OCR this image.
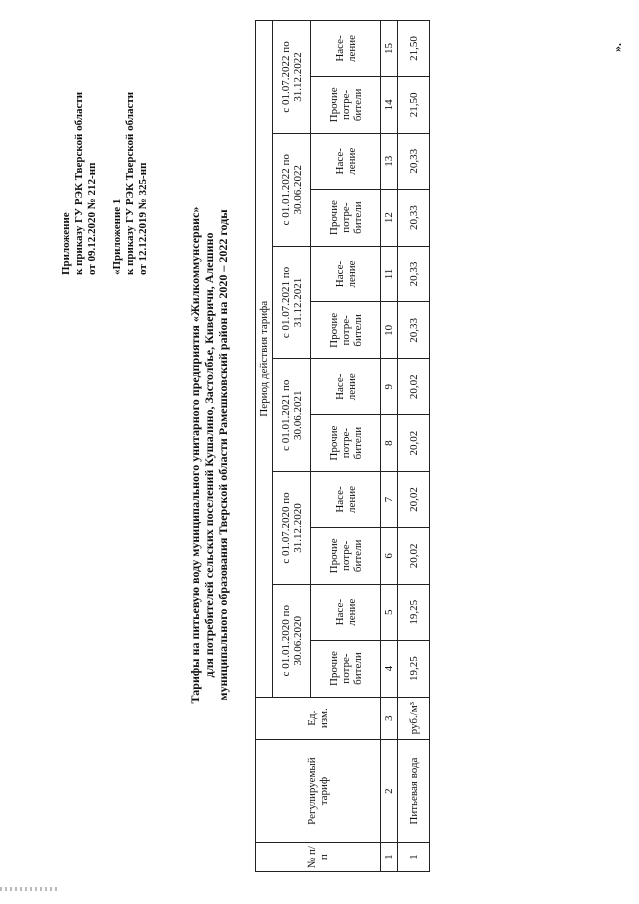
Приложение к приказу ГУ РЭК Тверской области от 09.12.2020 № 212-нп «Приложение 1 к приказу ГУ РЭК Тверской области от 12.12.2019 № 325-нп	Тарифы на питьевую воду муниципального унитарного предприятия «Жилкоммунсервис» для потребителей сельских поселений Кушалино, Застолбье, Киверичи, Алешино муниципального образования Тверской области Рамешковский район на 2020 – 2022 годы
№ п/п	Регулируемый тариф	Ед. изм.	Период действия тарифа											
			с 01.01.2020 по 30.06.2020		с 01.07.2020 по 31.12.2020		с 01.01.2021 по 30.06.2021		с 01.07.2021 по 31.12.2021		с 01.01.2022 по 30.06.2022		с 01.07.2022 по 31.12.2022	
			Прочие потре-бители	Насе-ление	Прочие потре-бители	Насе-ление	Прочие потре-бители	Насе-ление	Прочие потре-бители	Насе-ление	Прочие потре-бители	Насе-ление	Прочие потре-бители	Насе-ление
1	2	3	4	5	6	7	8	9	10	11	12	13	14	15
1	Питьевая вода	руб./м³	19,25	19,25	20,02	20,02	20,02	20,02	20,33	20,33	20,33	20,33	21,50	21,50	».
